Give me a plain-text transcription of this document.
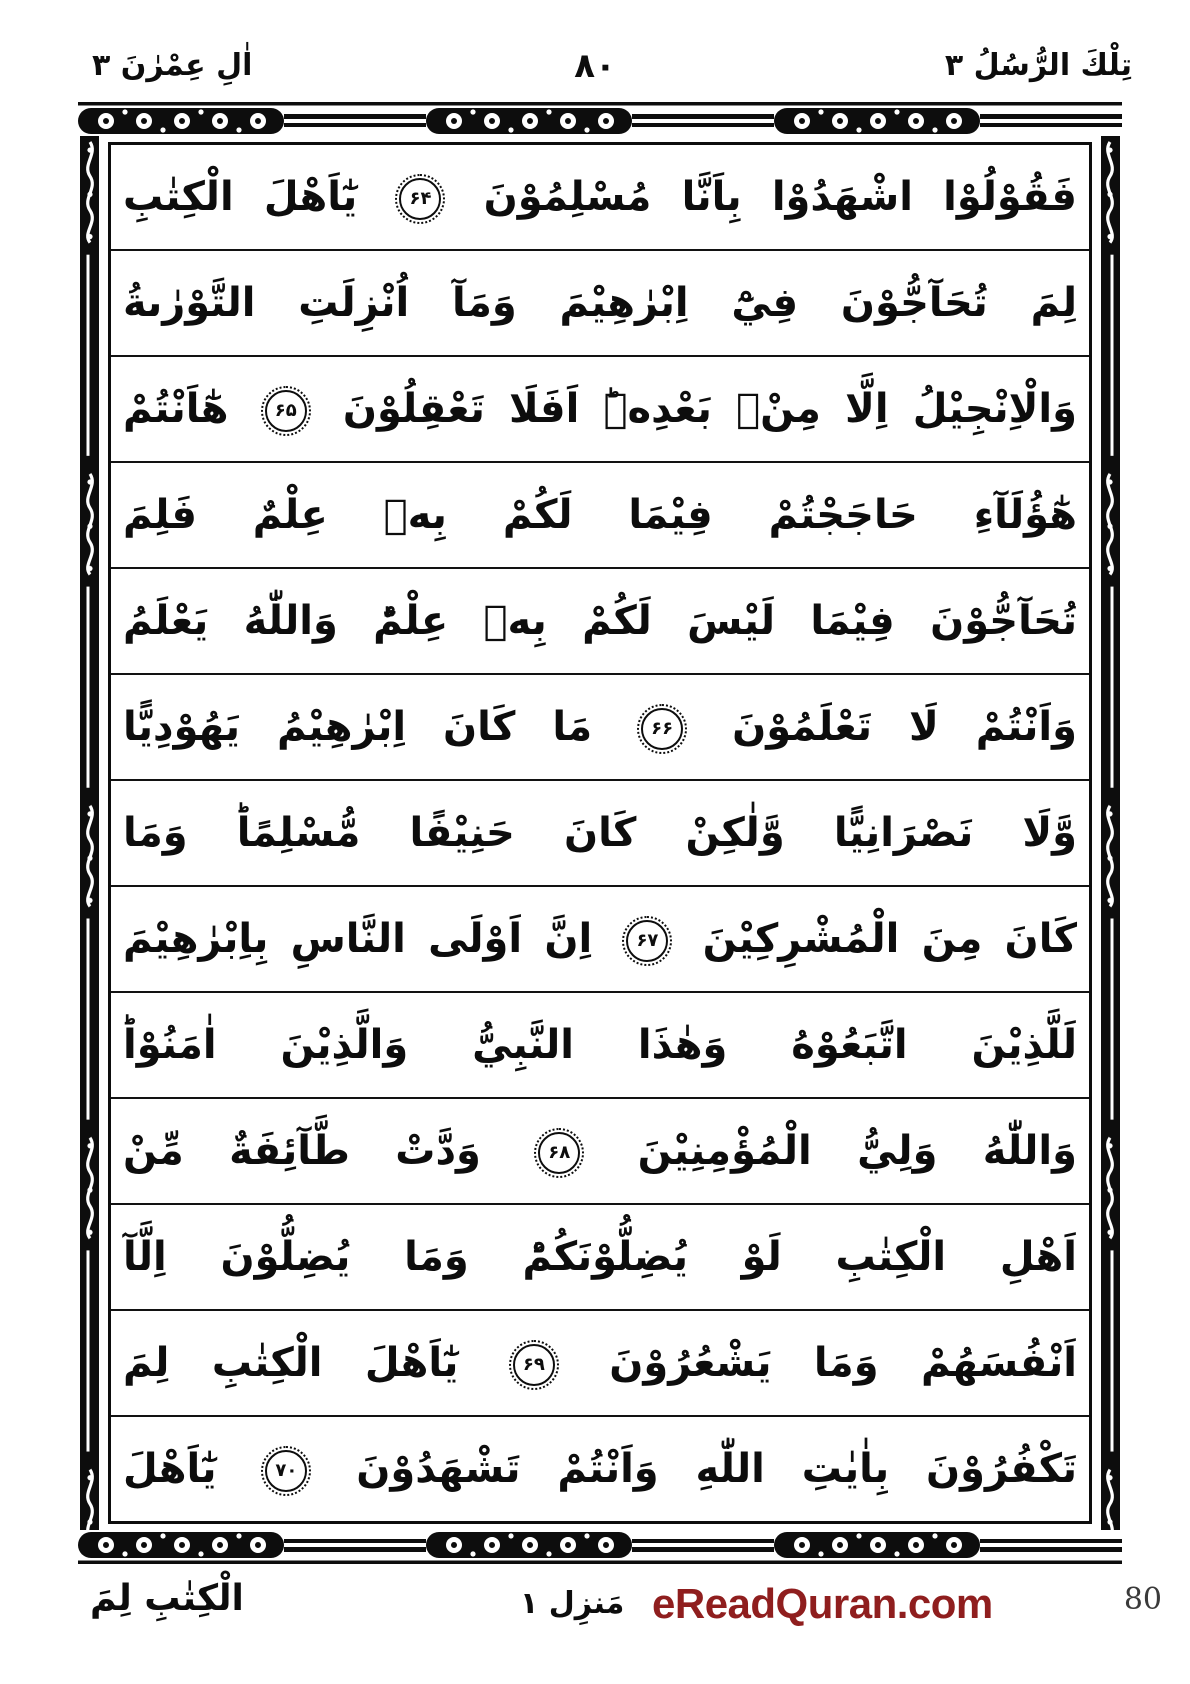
تِلْكَ الرُّسُلُ ۳
۸۰
اٰلِ عِمْرٰنَ ۳
فَقُوْلُوْا اشْهَدُوْا بِاَنَّا مُسْلِمُوْنَ
۶۴
يٰٓاَهْلَ الْكِتٰبِ
لِمَ تُحَآجُّوْنَ فِيْٓ اِبْرٰهِيْمَ وَمَآ اُنْزِلَتِ التَّوْرٰىةُ
وَالْاِنْجِيْلُ اِلَّا مِنْۢ بَعْدِهٖؕ اَفَلَا تَعْقِلُوْنَ
۶۵
هٰٓاَنْتُمْ
هٰٓؤُلَآءِ حَاجَجْتُمْ فِيْمَا لَكُمْ بِهٖ عِلْمٌ فَلِمَ
تُحَآجُّوْنَ فِيْمَا لَيْسَ لَكُمْ بِهٖ عِلْمٌؕ وَاللّٰهُ يَعْلَمُ
وَاَنْتُمْ لَا تَعْلَمُوْنَ
۶۶
مَا كَانَ اِبْرٰهِيْمُ يَهُوْدِيًّا
وَّلَا نَصْرَانِيًّا وَّلٰكِنْ كَانَ حَنِيْفًا مُّسْلِمًاؕ وَمَا
كَانَ مِنَ الْمُشْرِكِيْنَ
۶۷
اِنَّ اَوْلَى النَّاسِ بِاِبْرٰهِيْمَ
لَلَّذِيْنَ اتَّبَعُوْهُ وَهٰذَا النَّبِيُّ وَالَّذِيْنَ اٰمَنُوْاؕ
وَاللّٰهُ وَلِيُّ الْمُؤْمِنِيْنَ
۶۸
وَدَّتْ طَّآئِفَةٌ مِّنْ
اَهْلِ الْكِتٰبِ لَوْ يُضِلُّوْنَكُمْؕ وَمَا يُضِلُّوْنَ اِلَّآ
اَنْفُسَهُمْ وَمَا يَشْعُرُوْنَ
۶۹
يٰٓاَهْلَ الْكِتٰبِ لِمَ
تَكْفُرُوْنَ بِاٰيٰتِ اللّٰهِ وَاَنْتُمْ تَشْهَدُوْنَ
۷۰
يٰٓاَهْلَ
الْكِتٰبِ لِمَ	مَنزِل ۱ eReadQuran.com	80
